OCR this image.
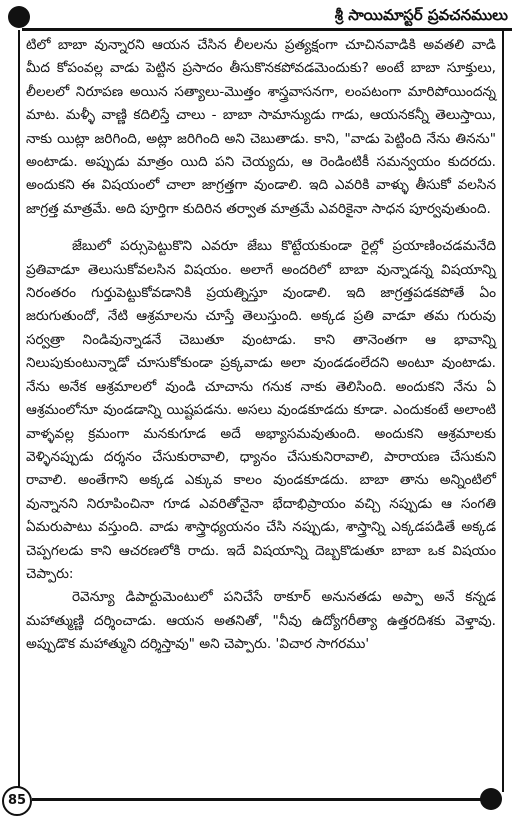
శ్రీ సాయిమాస్టర్ ప్రవచనములు

టిలో బాబా వున్నారని ఆయన చేసిన లీలలను ప్రత్యక్షంగా చూచినవాడికి అవతలి వాడి మీద కోపంవల్ల వాడు పెట్టిన ప్రసాదం తీసుకొనకపోవడమెందుకు? అంటే బాబా సూక్తులు, లీలలలో నిరూపణ అయిన సత్యాలు-మొత్తం శాస్త్రవాసనగా, లంపటంగా మారిపోయిందన్న మాట. మళ్ళీ వాణ్ణి కదిలిస్తే చాలు - బాబా సామాన్యుడు గాడు, ఆయనకన్నీ తెలుస్తాయి, నాకు యిట్లా జరిగింది, అట్లా జరిగింది అని చెబుతాడు. కాని, "వాడు పెట్టింది నేను తినను" అంటాడు. అప్పుడు మాత్రం యిది పని చెయ్యదు, ఆ రెండింటికీ సమన్వయం కుదరదు. అందుకని ఈ విషయంలో చాలా జాగ్రత్తగా వుండాలి. ఇది ఎవరికి వాళ్ళు తీసుకో వలసిన జాగ్రత్త మాత్రమే. అది పూర్తిగా కుదిరిన తర్వాత మాత్రమే ఎవరికైనా సాధన పూర్వవుతుంది.

జేబులో పర్సుపెట్టుకొని ఎవరూ జేబు కొట్టేయకుండా రైల్లో ప్రయాణించడమనేది ప్రతివాడూ తెలుసుకోవలసిన విషయం. అలాగే అందరిలో బాబా వున్నాడన్న విషయాన్ని నిరంతరం గుర్తుపెట్టుకోవడానికి ప్రయత్నిస్తూ వుండాలి. ఇది జాగ్రత్తపడకపోతే ఏం జరుగుతుందో, నేటి ఆశ్రమాలను చూస్తే తెలుస్తుంది. అక్కడ ప్రతి వాడూ తమ గురువు సర్వత్రా నిండివున్నాడనే చెబుతూ వుంటాడు. కాని తానెంతగా ఆ భావాన్ని నిలుపుకుంటున్నాడో చూసుకోకుండా ప్రక్కవాడు అలా వుండడంలేదని అంటూ వుంటాడు. నేను అనేక ఆశ్రమాలలో వుండి చూచాను గనుక నాకు తెలిసింది. అందుకని నేను ఏ ఆశ్రమంలోనూ వుండడాన్ని యిష్టపడను. అసలు వుండకూడదు కూడా. ఎందుకంటే అలాంటి వాళ్ళవల్ల క్రమంగా మనకుగూడ అదే అభ్యాసమవుతుంది. అందుకని ఆశ్రమాలకు వెళ్ళినప్పుడు దర్శనం చేసుకురావాలి, ధ్యానం చేసుకునిరావాలి, పారాయణ చేసుకుని రావాలి. అంతేగాని అక్కడ ఎక్కువ కాలం వుండకూడదు. బాబా తాను అన్నింటిలో వున్నానని నిరూపించినా గూడ ఎవరితోనైనా భేదాభిప్రాయం వచ్చి నప్పుడు ఆ సంగతి ఏమరుపాటు వస్తుంది. వాడు శాస్త్రాధ్యయనం చేసి నప్పుడు, శాస్త్రాన్ని ఎక్కడపడితే అక్కడ చెప్పగలడు కాని ఆచరణలోకి రాదు. ఇదే విషయాన్ని దెబ్బకొడుతూ బాబా ఒక విషయం చెప్పారు:

రెవెన్యూ డిపార్టుమెంటులో పనిచేసే ఠాకూర్ అనునతడు అప్పా అనే కన్నడ మహాత్ముణ్ణి దర్శించాడు. ఆయన అతనితో, "నీవు ఉద్యోగరీత్యా ఉత్తరదిశకు వెళ్తావు. అప్పుడొక మహాత్ముని దర్శిస్తావు" అని చెప్పారు. 'విచార సాగరము'

85
